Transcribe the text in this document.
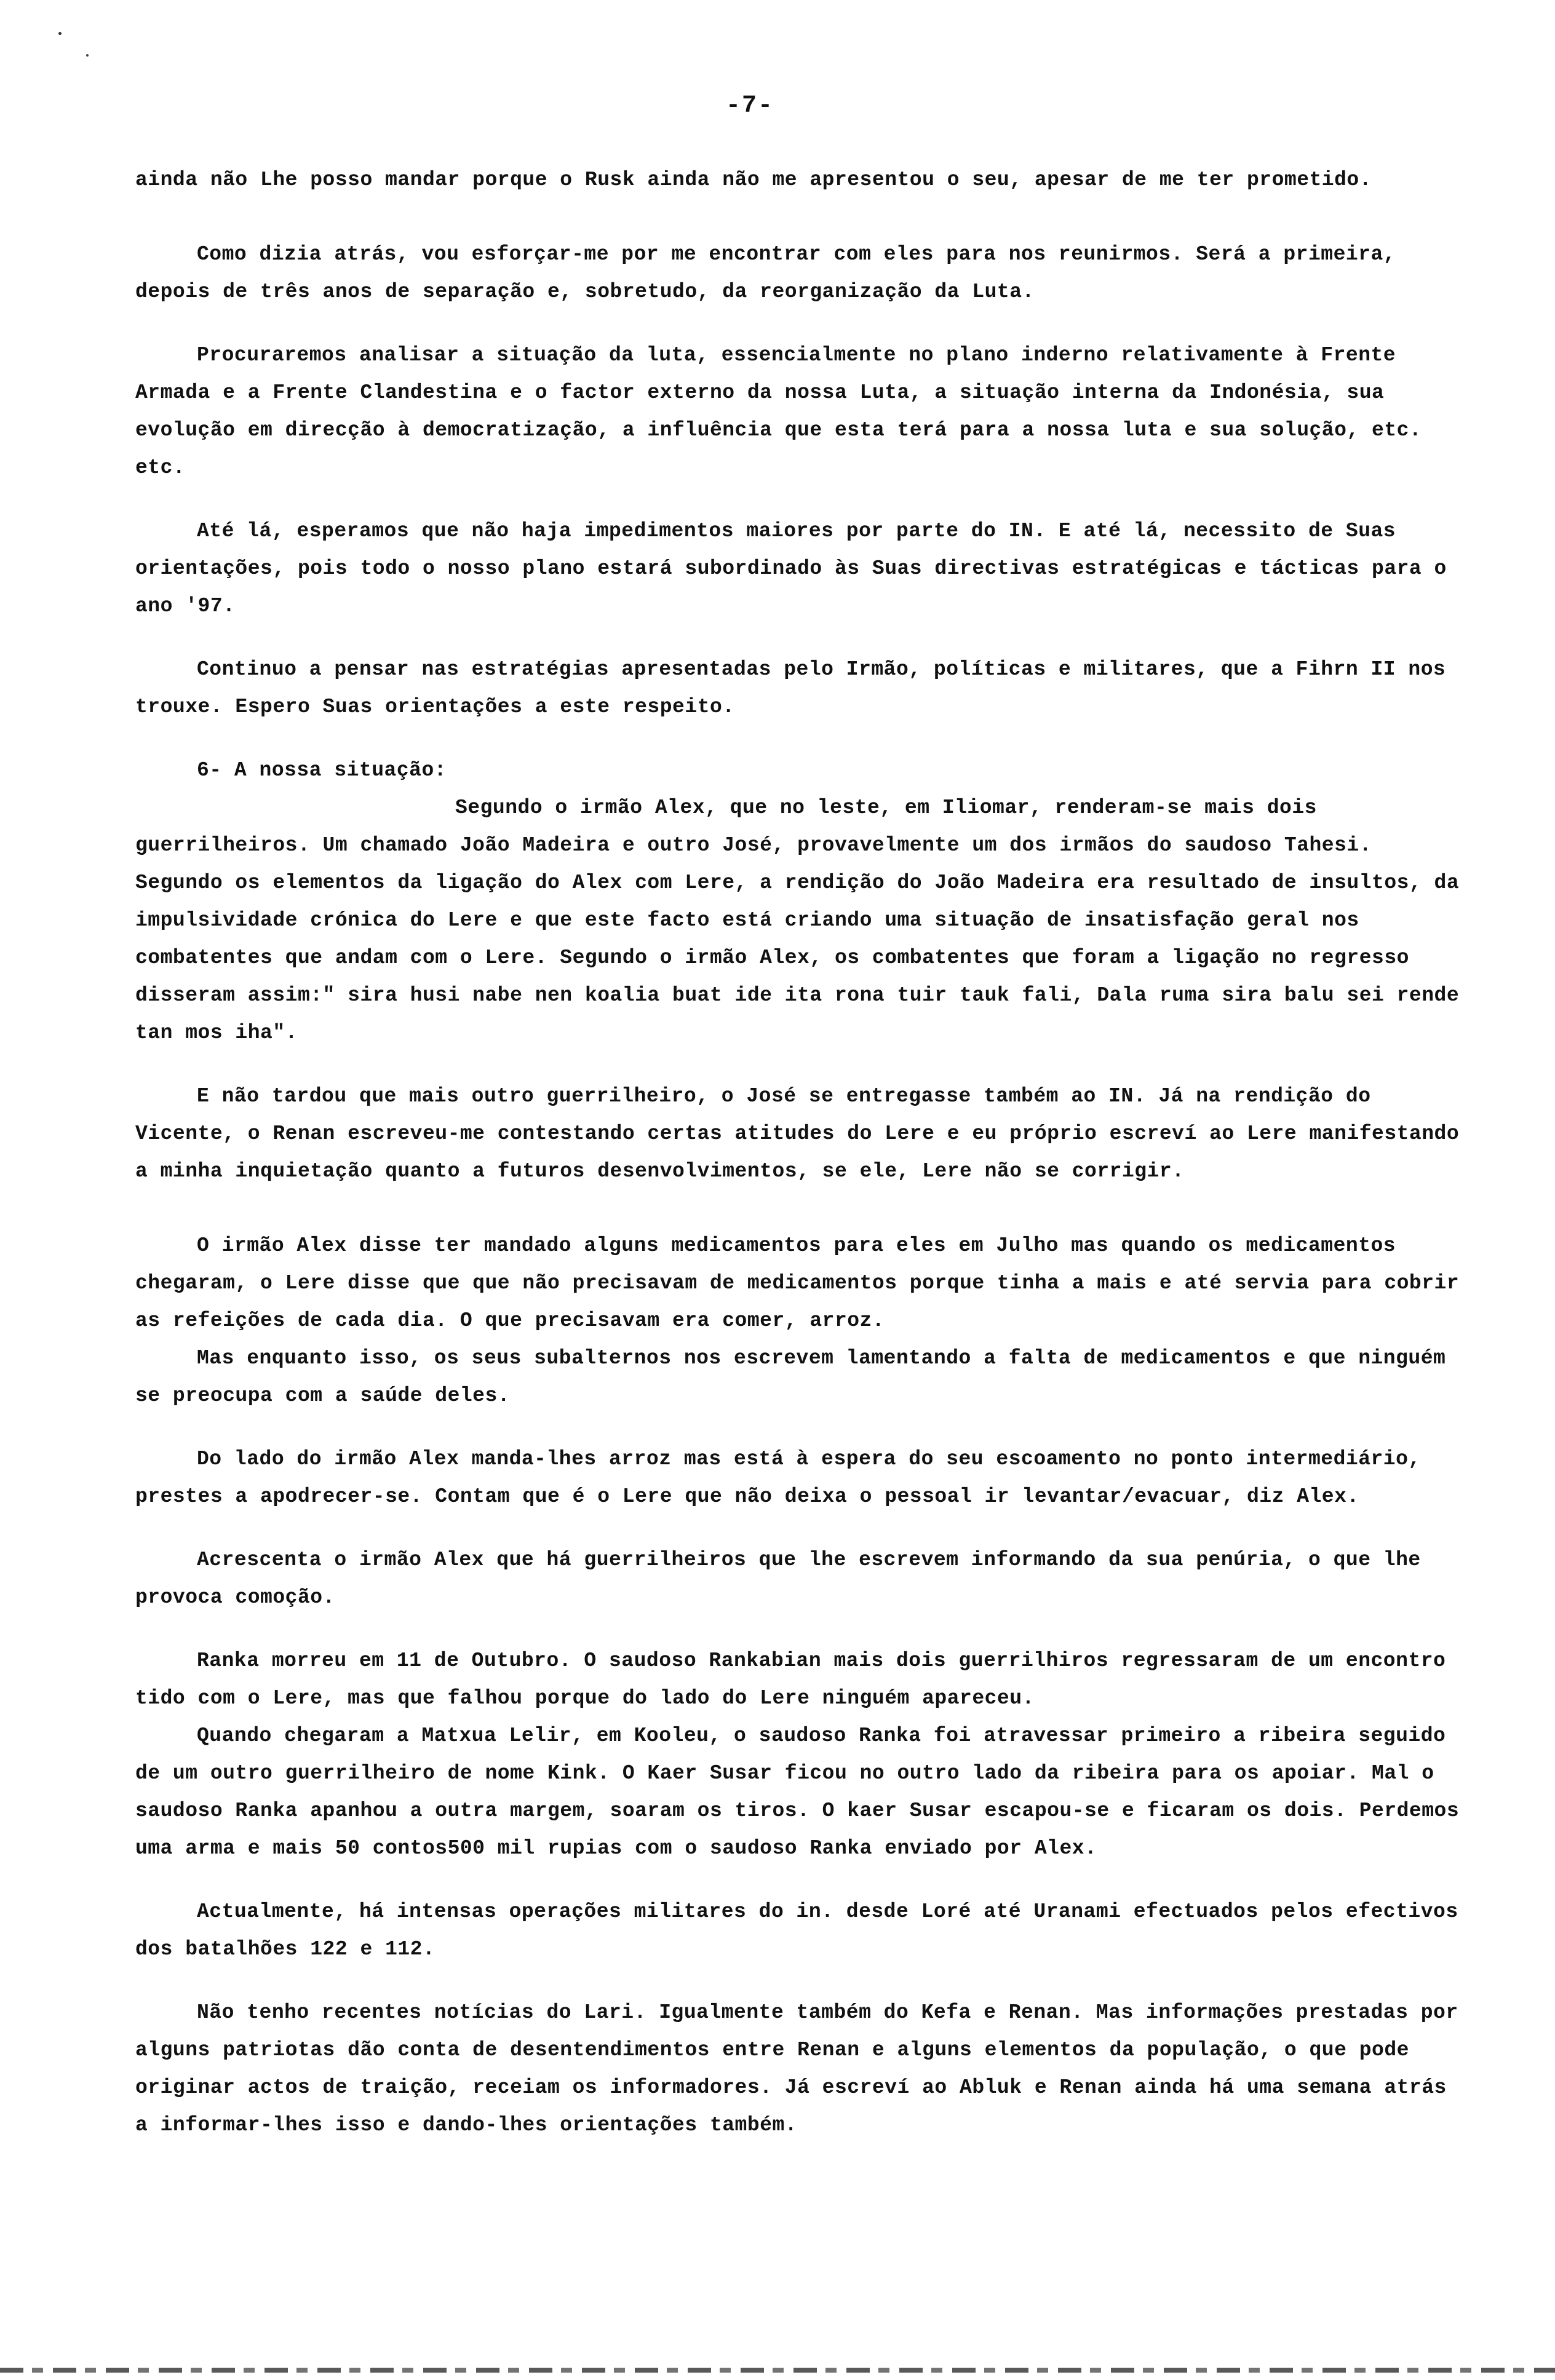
-7-

ainda não Lhe posso mandar porque o Rusk ainda não me apresentou o seu, apesar de me ter prometido.

Como dizia atrás, vou esforçar-me por me encontrar com eles para nos reunirmos. Será a primeira, depois de três anos de separação e, sobretudo, da reorganização da Luta.

Procuraremos analisar a situação da luta, essencialmente no plano inderno relativamente à Frente Armada e a Frente Clandestina e o factor externo da nossa Luta, a situação interna da Indonésia, sua evolução em direcção à democratização, a influência que esta terá para a nossa luta e sua solução, etc. etc.

Até lá, esperamos que não haja impedimentos maiores por parte do IN. E até lá, necessito de Suas orientações, pois todo o nosso plano estará subordinado às Suas directivas estratégicas e tácticas para o ano '97.

Continuo a pensar nas estratégias apresentadas pelo Irmão, políticas e militares, que a Fihrn II nos trouxe. Espero Suas orientações a este respeito.

6- A nossa situação:

Segundo o irmão Alex, que no leste, em Iliomar, renderam-se mais dois guerrilheiros. Um chamado João Madeira e outro José, provavelmente um dos irmãos do saudoso Tahesi. Segundo os elementos da ligação do Alex com Lere, a rendição do João Madeira era resultado de insultos, da impulsividade crónica do Lere e que este facto está criando uma situação de insatisfação geral nos combatentes que andam com o Lere. Segundo o irmão Alex, os combatentes que foram a ligação no regresso disseram assim:" sira husi nabe nen koalia buat ide ita rona tuir tauk fali, Dala ruma sira balu sei rende tan mos iha".

E não tardou que mais outro guerrilheiro, o José se entregasse também ao IN. Já na rendição do Vicente, o Renan escreveu-me contestando certas atitudes do Lere e eu próprio escreví ao Lere manifestando a minha inquietação quanto a futuros desenvolvimentos, se ele, Lere não se corrigir.

O irmão Alex disse ter mandado alguns medicamentos para eles em Julho mas quando os medicamentos chegaram, o Lere disse que que não precisavam de medicamentos porque tinha a mais e até servia para cobrir as refeições de cada dia. O que precisavam era comer, arroz.

Mas enquanto isso, os seus subalternos nos escrevem lamentando a falta de medicamentos e que ninguém se preocupa com a saúde deles.

Do lado do irmão Alex manda-lhes arroz mas está à espera do seu escoamento no ponto intermediário, prestes a apodrecer-se. Contam que é o Lere que não deixa o pessoal ir levantar/evacuar, diz Alex.

Acrescenta o irmão Alex que há guerrilheiros que lhe escrevem informando da sua penúria, o que lhe provoca comoção.

Ranka morreu em 11 de Outubro. O saudoso Rankabian mais dois guerrilhiros regressaram de um encontro tido com o Lere, mas que falhou porque do lado do Lere ninguém apareceu.

Quando chegaram a Matxua Lelir, em Kooleu, o saudoso Ranka foi atravessar primeiro a ribeira seguido de um outro guerrilheiro de nome Kink. O Kaer Susar ficou no outro lado da ribeira para os apoiar. Mal o saudoso Ranka apanhou a outra margem, soaram os tiros. O kaer Susar escapou-se e ficaram os dois. Perdemos uma arma e mais 50 contos500 mil rupias com o saudoso Ranka enviado por Alex.

Actualmente, há intensas operações militares do in. desde Loré até Uranami efectuados pelos efectivos dos batalhões 122 e 112.

Não tenho recentes notícias do Lari. Igualmente também do Kefa e Renan. Mas informações prestadas por alguns patriotas dão conta de desentendimentos entre Renan e alguns elementos da população, o que pode originar actos de traição, receiam os informadores. Já escreví ao Abluk e Renan ainda há uma semana atrás a informar-lhes isso e dando-lhes orientações também.
